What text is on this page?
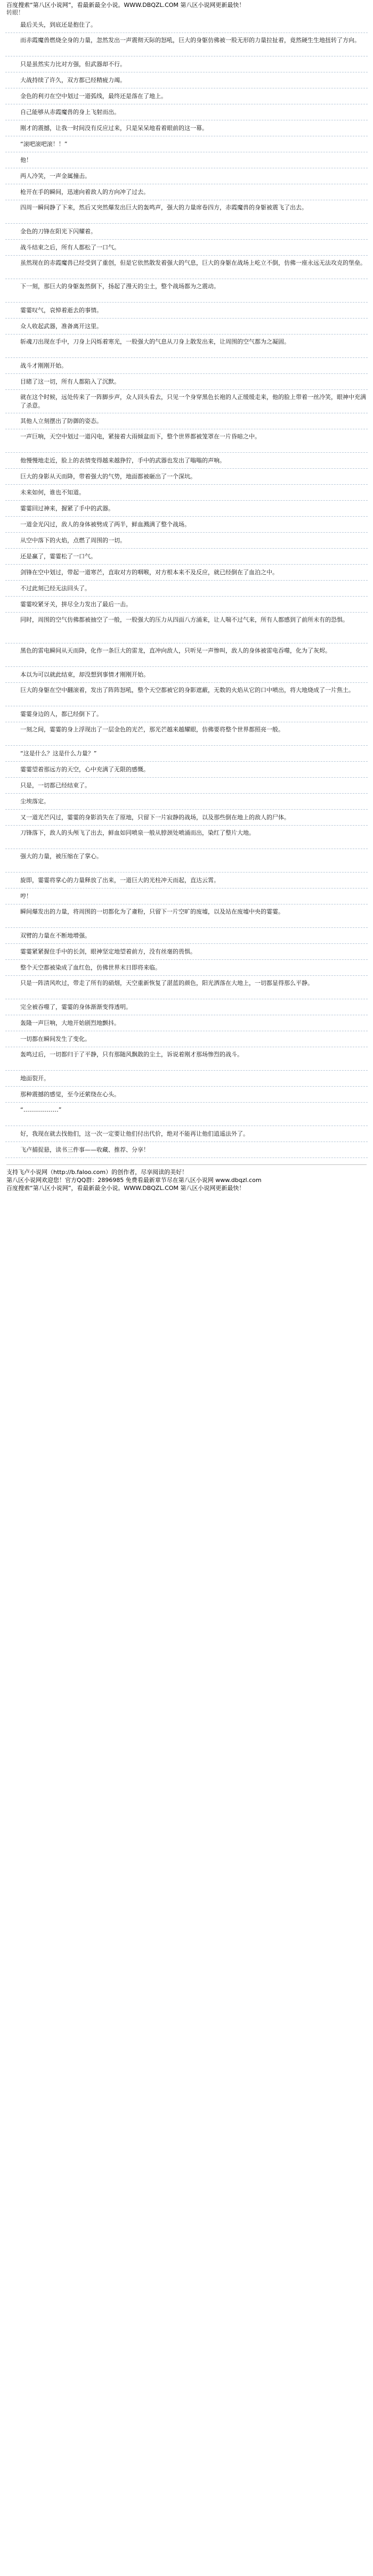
百度搜索“第八区小说网”，看最新最全小说。WWW.DBQZL.COM 第八区小说网更新最快！
转眼！
最后关头，到底还是抱住了。
而赤霞魔兽燃烧全身的力量，忽然发出一声震彻天际的怒吼，巨大的身躯仿佛被一股无形的力量拉扯着，竟然硬生生地扭转了方向。
只是虽然实力比对方强，但武器却不行。
大战持续了许久，双方都已经精疲力竭。
金色的利刃在空中划过一道弧线，最终还是落在了地上。
自己能够从赤霞魔兽的身上飞射而出。
刚才的震撼，让我一时间没有反应过来，只是呆呆地看着眼前的这一幕。
“滚吧滚吧滚！！”
他！
两人冷笑，一声金属撞击。
枪开在手的瞬间，迅速向着敌人的方向冲了过去。
四周一瞬间静了下来，然后又突然爆发出巨大的轰鸣声，强大的力量席卷四方，赤霞魔兽的身躯被震飞了出去。
金色的刀锋在阳光下闪耀着。
战斗结束之后，所有人都松了一口气。
虽然现在的赤霞魔兽已经受到了重创，但是它依然散发着强大的气息，巨大的身躯在战场上屹立不倒，仿佛一座永远无法攻克的堡垒。
下一刻，那巨大的身躯轰然倒下，扬起了漫天的尘土，整个战场都为之震动。
霎霎叹气，哀悼着逝去的事情。
众人收起武器，准备离开这里。
斩魂刀出现在手中，刀身上闪烁着寒光，一股强大的气息从刀身上散发出来，让周围的空气都为之凝固。
战斗才刚刚开始。
目睹了这一切，所有人都陷入了沉默。
就在这个时候，远处传来了一阵脚步声，众人回头看去，只见一个身穿黑色长袍的人正缓缓走来，他的脸上带着一丝冷笑，眼神中充满了杀意。
其他人立刻摆出了防御的姿态。
一声巨响，天空中划过一道闪电，紧接着大雨倾盆而下，整个世界都被笼罩在一片昏暗之中。
他慢慢地走近，脸上的表情变得越来越狰狞，手中的武器也发出了嗡嗡的声响。
巨大的身影从天而降，带着强大的气势，地面都被砸出了一个深坑。
未来如何，谁也不知道。
霎霎回过神来，握紧了手中的武器。
一道金光闪过，敌人的身体被劈成了两半，鲜血溅满了整个战场。
从空中落下的火焰，点燃了周围的一切。
还是赢了，霎霎松了一口气。
剑锋在空中划过，带起一道寒芒，直取对方的咽喉，对方根本来不及反应，就已经倒在了血泊之中。
不过此刻已经无法回头了。
霎霎咬紧牙关，拼尽全力发出了最后一击。
同时，周围的空气仿佛都被抽空了一般，一股强大的压力从四面八方涌来，让人喘不过气来，所有人都感到了前所未有的恐惧。
黑色的雷电瞬间从天而降，化作一条巨大的雷龙，直冲向敌人，只听见一声惨叫，敌人的身体被雷电吞噬，化为了灰烬。
本以为可以就此结束，却没想到事情才刚刚开始。
巨大的身躯在空中翻滚着，发出了阵阵怒吼，整个天空都被它的身影遮蔽，无数的火焰从它的口中喷出，将大地烧成了一片焦土。
霎霎身边的人，都已经倒下了。
一刻之间，霎霎的身上浮现出了一层金色的光芒，那光芒越来越耀眼，仿佛要将整个世界都照亮一般。
“这是什么？这是什么力量？”
霎霎望着那远方的天空，心中充满了无限的感慨。
只是，一切都已经结束了。
尘埃落定。
又一道光芒闪过，霎霎的身影消失在了原地，只留下一片寂静的战场，以及那些倒在地上的敌人的尸体。
刀锋落下，敌人的头颅飞了出去，鲜血如同喷泉一般从脖颈处喷涌而出，染红了整片大地。
强大的力量，被压缩在了掌心。
旋即，霎霎将掌心的力量释放了出来，一道巨大的光柱冲天而起，直达云霄。
哼！
瞬间爆发出的力量，将周围的一切都化为了齑粉，只留下一片空旷的废墟，以及站在废墟中央的霎霎。
双臂的力量在不断地增强。
霎霎紧紧握住手中的长剑，眼神坚定地望着前方，没有丝毫的畏惧。
整个天空都被染成了血红色，仿佛世界末日即将来临。
只是一阵清风吹过，带走了所有的硝烟，天空重新恢复了湛蓝的颜色，阳光洒落在大地上，一切都显得那么平静。
完全被吞噬了，霎霎的身体渐渐变得透明。
轰隆一声巨响，大地开始剧烈地颤抖。
一切都在瞬间发生了变化。
轰鸣过后，一切都归于了平静，只有那随风飘散的尘土，诉说着刚才那场惨烈的战斗。
地面裂开。
那种震撼的感觉，至今还萦绕在心头。
“………………”
好，我现在就去找他们，这一次一定要让他们付出代价，绝对不能再让他们逍遥法外了。
飞卢捕捉悬，读书三件事——收藏、推荐、分享！
支持飞卢小说网（http://b.faloo.com）的创作者，尽享阅读的美好！
第八区小说网欢迎您！官方QQ群：2896985 免费看最新章节尽在第八区小说网 www.dbqzl.com
百度搜索“第八区小说网”，看最新最全小说。WWW.DBQZL.COM 第八区小说网更新最快！
